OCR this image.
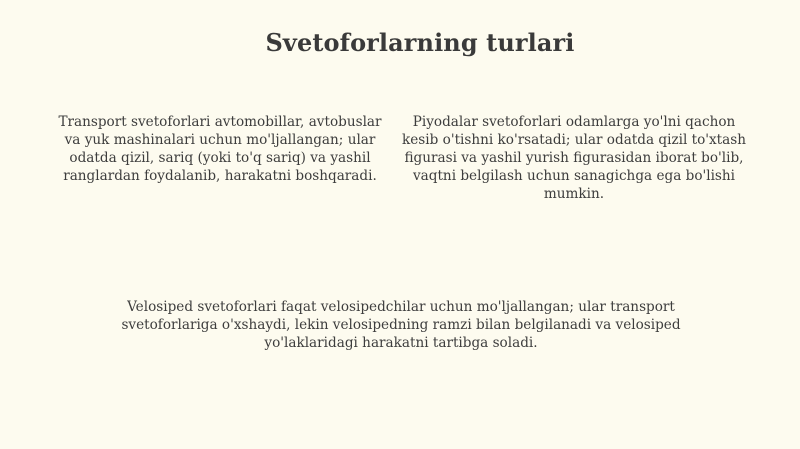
Svetoforlarning turlari
Transport svetoforlari avtomobillar, avtobuslar va yuk mashinalari uchun mo'ljallangan; ular odatda qizil, sariq (yoki to'q sariq) va yashil ranglardan foydalanib, harakatni boshqaradi.
Piyodalar svetoforlari odamlarga yo'lni qachon kesib o'tishni ko'rsatadi; ular odatda qizil to'xtash figurasi va yashil yurish figurasidan iborat bo'lib, vaqtni belgilash uchun sanagichga ega bo'lishi mumkin.
Velosiped svetoforlari faqat velosipedchilar uchun mo'ljallangan; ular transport svetoforlariga o'xshaydi, lekin velosipedning ramzi bilan belgilanadi va velosiped yo'laklaridagi harakatni tartibga soladi.
